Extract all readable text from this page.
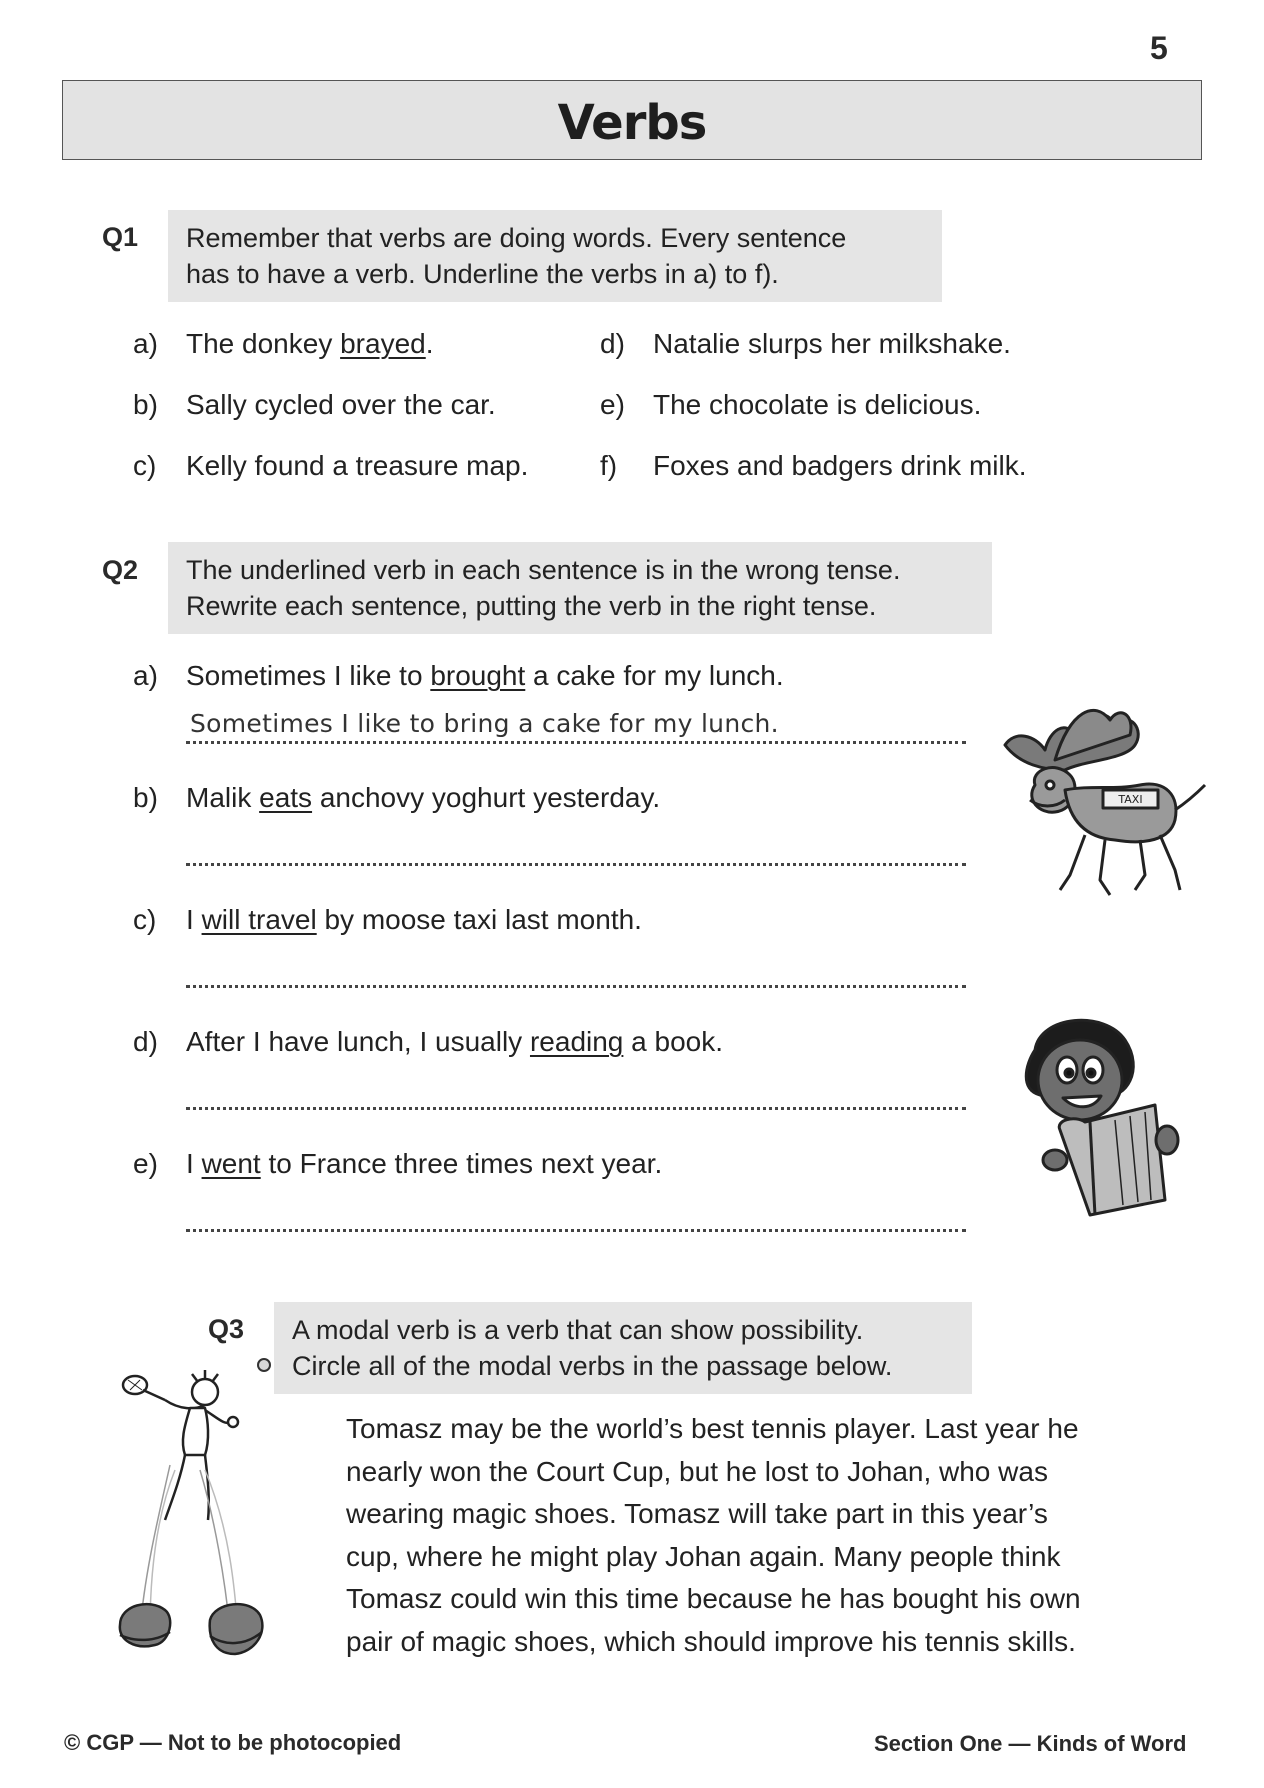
5
Verbs
Q1 Remember that verbs are doing words. Every sentence
has to have a verb. Underline the verbs in a) to f).
a) The donkey brayed.
b) Sally cycled over the car.
c) Kelly found a treasure map.
d) Natalie slurps her milkshake.
e) The chocolate is delicious.
f) Foxes and badgers drink milk.
Q2 The underlined verb in each sentence is in the wrong tense.
Rewrite each sentence, putting the verb in the right tense.
a) Sometimes I like to brought a cake for my lunch.
Sometimes I like to bring a cake for my lunch.
b) Malik eats anchovy yoghurt yesterday.
c) I will travel by moose taxi last month.
d) After I have lunch, I usually reading a book.
e) I went to France three times next year.
TAXI
Q3 A modal verb is a verb that can show possibility.
Circle all of the modal verbs in the passage below.
Tomasz may be the world’s best tennis player. Last year he
nearly won the Court Cup, but he lost to Johan, who was
wearing magic shoes. Tomasz will take part in this year’s
cup, where he might play Johan again. Many people think
Tomasz could win this time because he has bought his own
pair of magic shoes, which should improve his tennis skills.
© CGP — Not to be photocopied	Section One — Kinds of Word
